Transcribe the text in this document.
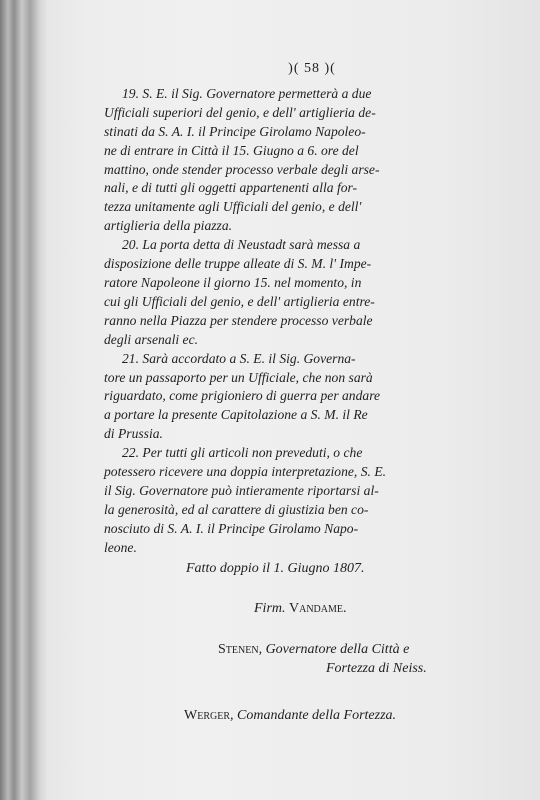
)( 58 )(

19. S. E. il Sig. Governatore permetterà a due
Ufficiali superiori del genio, e dell' artiglieria de-
stinati da S. A. I. il Principe Girolamo Napoleo-
ne di entrare in Città il 15. Giugno a 6. ore del
mattino, onde stender processo verbale degli arse-
nali, e di tutti gli oggetti appartenenti alla for-
tezza unitamente agli Ufficiali del genio, e dell'
artiglieria della piazza.

20. La porta detta di Neustadt sarà messa a
disposizione delle truppe alleate di S. M. l' Impe-
ratore Napoleone il giorno 15. nel momento, in
cui gli Ufficiali del genio, e dell' artiglieria entre-
ranno nella Piazza per stendere processo verbale
degli arsenali ec.

21. Sarà accordato a S. E. il Sig. Governa-
tore un passaporto per un Ufficiale, che non sarà
riguardato, come prigioniero di guerra per andare
a portare la presente Capitolazione a S. M. il Re
di Prussia.

22. Per tutti gli articoli non preveduti, o che
potessero ricevere una doppia interpretazione, S. E.
il Sig. Governatore può intieramente riportarsi al-
la generosità, ed al carattere di giustizia ben co-
nosciuto di S. A. I. il Principe Girolamo Napo-
leone.

Fatto doppio il 1. Giugno 1807.
Firm. Vandame.
Stenen, Governatore della Città e
Fortezza di Neiss.
Werger, Comandante della Fortezza.
